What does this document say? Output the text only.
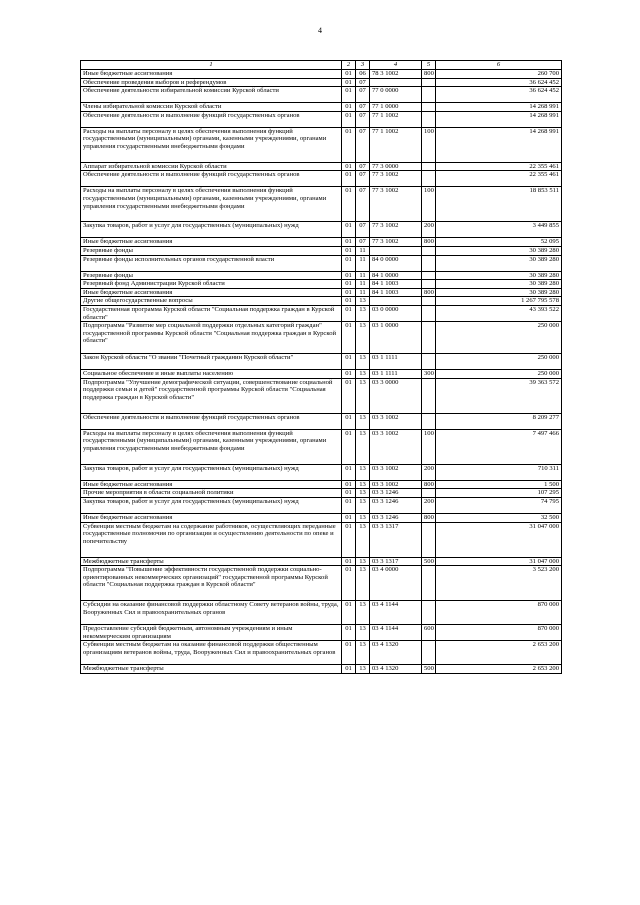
4
1	2	3	4	5	6
Иные бюджетные ассигнования	01	06	78 3 1002	800	260 700
Обеспечение проведения выборов и референдумов	01	07			36 624 452
Обеспечение деятельности избирательной комиссии Курской области	01	07	77 0 0000		36 624 452
Члены избирательной комиссии Курской области	01	07	77 1 0000		14 268 991
Обеспечение деятельности и выполнение функций государственных органов	01	07	77 1 1002		14 268 991
Расходы на выплаты персоналу в целях обеспечения выполнения функций государственными (муниципальными) органами, казенными учреждениями, органами управления государственными внебюджетными фондами	01	07	77 1 1002	100	14 268 991
Аппарат избирательной комиссии Курской области	01	07	77 3 0000		22 355 461
Обеспечение деятельности и выполнение функций государственных органов	01	07	77 3 1002		22 355 461
Расходы на выплаты персоналу в целях обеспечения выполнения функций государственными (муниципальными) органами, казенными учреждениями, органами управления государственными внебюджетными фондами	01	07	77 3 1002	100	18 853 511
Закупка товаров, работ и услуг для государственных (муниципальных) нужд	01	07	77 3 1002	200	3 449 855
Иные бюджетные ассигнования	01	07	77 3 1002	800	52 095
Резервные фонды	01	11			30 389 280
Резервные фонды исполнительных органов государственной власти	01	11	84 0 0000		30 389 280
Резервные фонды	01	11	84 1 0000		30 389 280
Резервный фонд Администрации Курской области	01	11	84 1 1003		30 389 280
Иные бюджетные ассигнования	01	11	84 1 1003	800	30 389 280
Другие общегосударственные вопросы	01	13			1 267 795 578
Государственная программа Курской области "Социальная поддержка граждан в Курской области"	01	13	03 0 0000		43 393 522
Подпрограмма "Развитие мер социальной поддержки отдельных категорий граждан" государственной программы Курской области "Социальная поддержка граждан в Курской области"	01	13	03 1 0000		250 000
Закон Курской области "О звании "Почетный гражданин Курской области"	01	13	03 1 1111		250 000
Социальное обеспечение и иные выплаты населению	01	13	03 1 1111	300	250 000
Подпрограмма "Улучшение демографической ситуации, совершенствование социальной поддержки семьи и детей" государственной программы Курской области "Социальная поддержка граждан в Курской области"	01	13	03 3 0000		39 363 572
Обеспечение деятельности и выполнение функций государственных органов	01	13	03 3 1002		8 209 277
Расходы на выплаты персоналу в целях обеспечения выполнения функций государственными (муниципальными) органами, казенными учреждениями, органами управления государственными внебюджетными фондами	01	13	03 3 1002	100	7 497 466
Закупка товаров, работ и услуг для государственных (муниципальных) нужд	01	13	03 3 1002	200	710 311
Иные бюджетные ассигнования	01	13	03 3 1002	800	1 500
Прочие мероприятия в области социальной политики	01	13	03 3 1246		107 295
Закупка товаров, работ и услуг для государственных (муниципальных) нужд	01	13	03 3 1246	200	74 795
Иные бюджетные ассигнования	01	13	03 3 1246	800	32 500
Субвенции местным бюджетам на содержание работников, осуществляющих переданные государственные полномочия по организации и осуществлению деятельности по опеке и попечительству	01	13	03 3 1317		31 047 000
Межбюджетные трансферты	01	13	03 3 1317	500	31 047 000
Подпрограмма "Повышение эффективности государственной поддержки социально-ориентированных некоммерческих организаций" государственной программы Курской области "Социальная поддержка граждан в Курской области"	01	13	03 4 0000		3 523 200
Субсидии на оказание финансовой поддержки областному Совету ветеранов войны, труда, Вооруженных Сил и правоохранительных органов	01	13	03 4 1144		870 000
Предоставление субсидий бюджетным, автономным учреждениям и иным некоммерческим организациям	01	13	03 4 1144	600	870 000
Субвенции местным бюджетам на оказание финансовой поддержки общественным организациям ветеранов войны, труда, Вооруженных Сил и правоохранительных органов	01	13	03 4 1320		2 653 200
Межбюджетные трансферты	01	13	03 4 1320	500	2 653 200
